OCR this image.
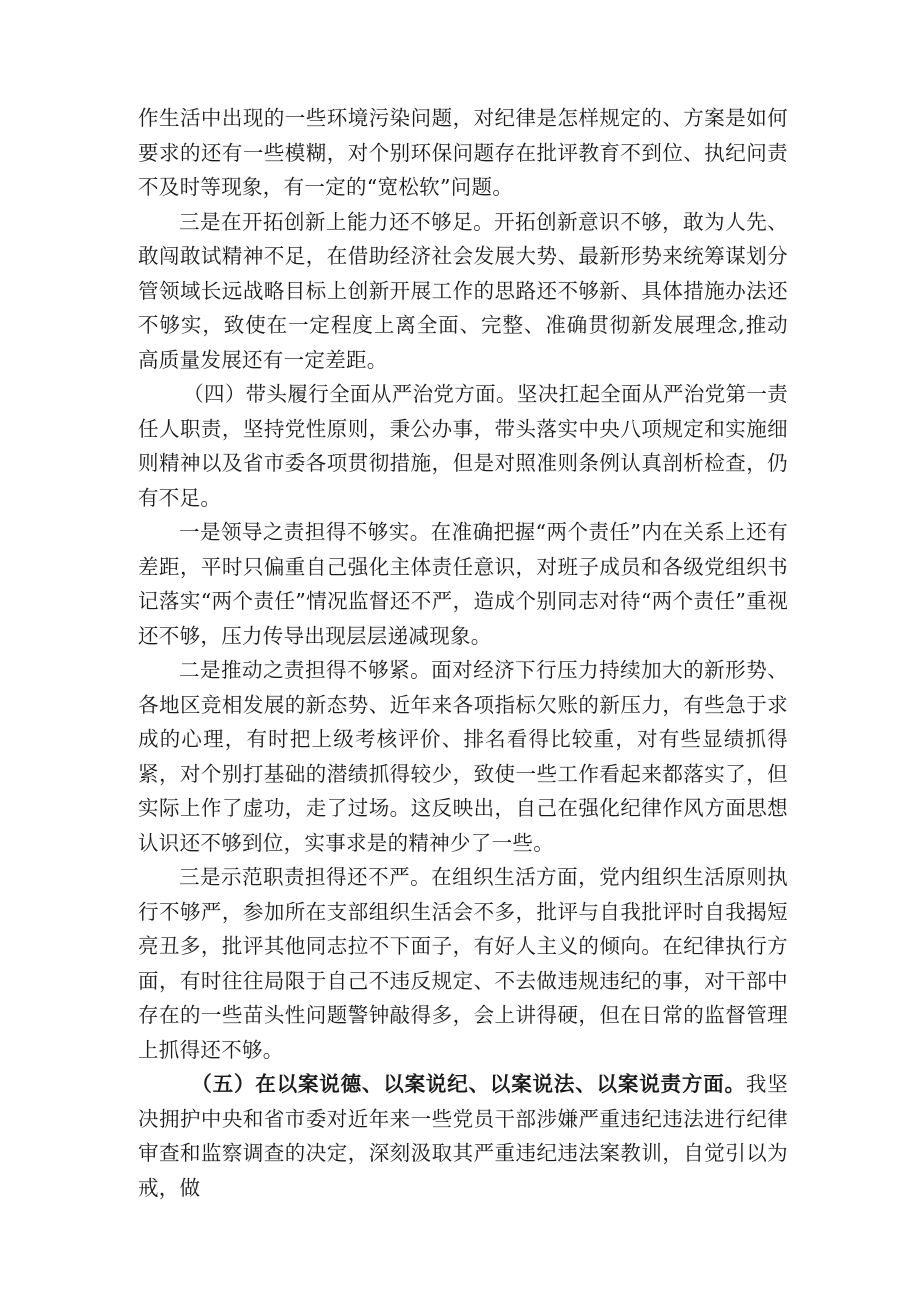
作生活中出现的一些环境污染问题，对纪律是怎样规定的、方案是如何要求的还有一些模糊，对个别环保问题存在批评教育不到位、执纪问责不及时等现象，有一定的“宽松软”问题。

三是在开拓创新上能力还不够足。开拓创新意识不够，敢为人先、敢闯敢试精神不足，在借助经济社会发展大势、最新形势来统筹谋划分管领域长远战略目标上创新开展工作的思路还不够新、具体措施办法还不够实，致使在一定程度上离全面、完整、准确贯彻新发展理念,推动高质量发展还有一定差距。

（四）带头履行全面从严治党方面。坚决扛起全面从严治党第一责任人职责，坚持党性原则，秉公办事，带头落实中央八项规定和实施细则精神以及省市委各项贯彻措施，但是对照准则条例认真剖析检查，仍有不足。

一是领导之责担得不够实。在准确把握“两个责任”内在关系上还有差距，平时只偏重自己强化主体责任意识，对班子成员和各级党组织书记落实“两个责任”情况监督还不严，造成个别同志对待“两个责任”重视还不够，压力传导出现层层递减现象。

二是推动之责担得不够紧。面对经济下行压力持续加大的新形势、各地区竞相发展的新态势、近年来各项指标欠账的新压力，有些急于求成的心理，有时把上级考核评价、排名看得比较重，对有些显绩抓得紧，对个别打基础的潜绩抓得较少，致使一些工作看起来都落实了，但实际上作了虚功，走了过场。这反映出，自己在强化纪律作风方面思想认识还不够到位，实事求是的精神少了一些。

三是示范职责担得还不严。在组织生活方面，党内组织生活原则执行不够严，参加所在支部组织生活会不多，批评与自我批评时自我揭短亮丑多，批评其他同志拉不下面子，有好人主义的倾向。在纪律执行方面，有时往往局限于自己不违反规定、不去做违规违纪的事，对干部中存在的一些苗头性问题警钟敲得多，会上讲得硬，但在日常的监督管理上抓得还不够。

（五）在以案说德、以案说纪、以案说法、以案说责方面。我坚决拥护中央和省市委对近年来一些党员干部涉嫌严重违纪违法进行纪律审查和监察调查的决定，深刻汲取其严重违纪违法案教训，自觉引以为戒，做
